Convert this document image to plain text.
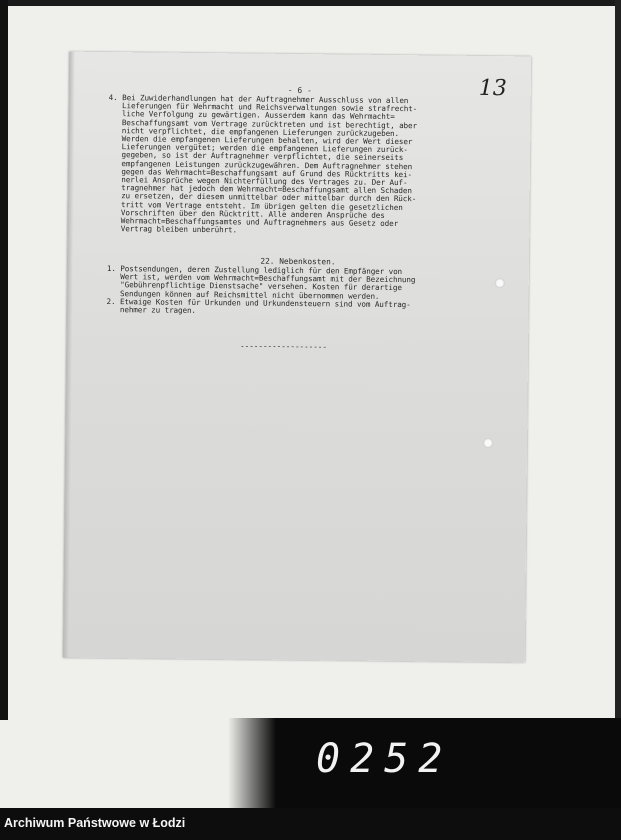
- 6 -	13
4. Bei Zuwiderhandlungen hat der Auftragnehmer Ausschluss von allen
Lieferungen für Wehrmacht und Reichsverwaltungen sowie strafrecht-
liche Verfolgung zu gewärtigen. Ausserdem kann das Wehrmacht=
Beschaffungsamt vom Vertrage zurücktreten und ist berechtigt, aber
nicht verpflichtet, die empfangenen Lieferungen zurückzugeben.
Werden die empfangenen Lieferungen behalten, wird der Wert dieser
Lieferungen vergütet; werden die empfangenen Lieferungen zurück-
gegeben, so ist der Auftragnehmer verpflichtet, die seinerseits
empfangenen Leistungen zurückzugewähren. Dem Auftragnehmer stehen
gegen das Wehrmacht=Beschaffungsamt auf Grund des Rücktritts kei-
nerlei Ansprüche wegen Nichterfüllung des Vertrages zu. Der Auf-
tragnehmer hat jedoch dem Wehrmacht=Beschaffungsamt allen Schaden
zu ersetzen, der diesem unmittelbar oder mittelbar durch den Rück-
tritt vom Vertrage entsteht. Im übrigen gelten die gesetzlichen
Vorschriften über den Rücktritt. Alle anderen Ansprüche des
Wehrmacht=Beschaffungsamtes und Auftragnehmers aus Gesetz oder
Vertrag bleiben unberührt.
22. Nebenkosten.
1. Postsendungen, deren Zustellung lediglich für den Empfänger von
Wert ist, werden vom Wehrmacht=Beschaffungsamt mit der Bezeichnung
"Gebührenpflichtige Dienstsache" versehen. Kosten für derartige
Sendungen können auf Reichsmittel nicht übernommen werden.
2. Etwaige Kosten für Urkunden und Urkundensteuern sind vom Auftrag-
nehmer zu tragen.
-------------------
0252
Archiwum Państwowe w Łodzi
